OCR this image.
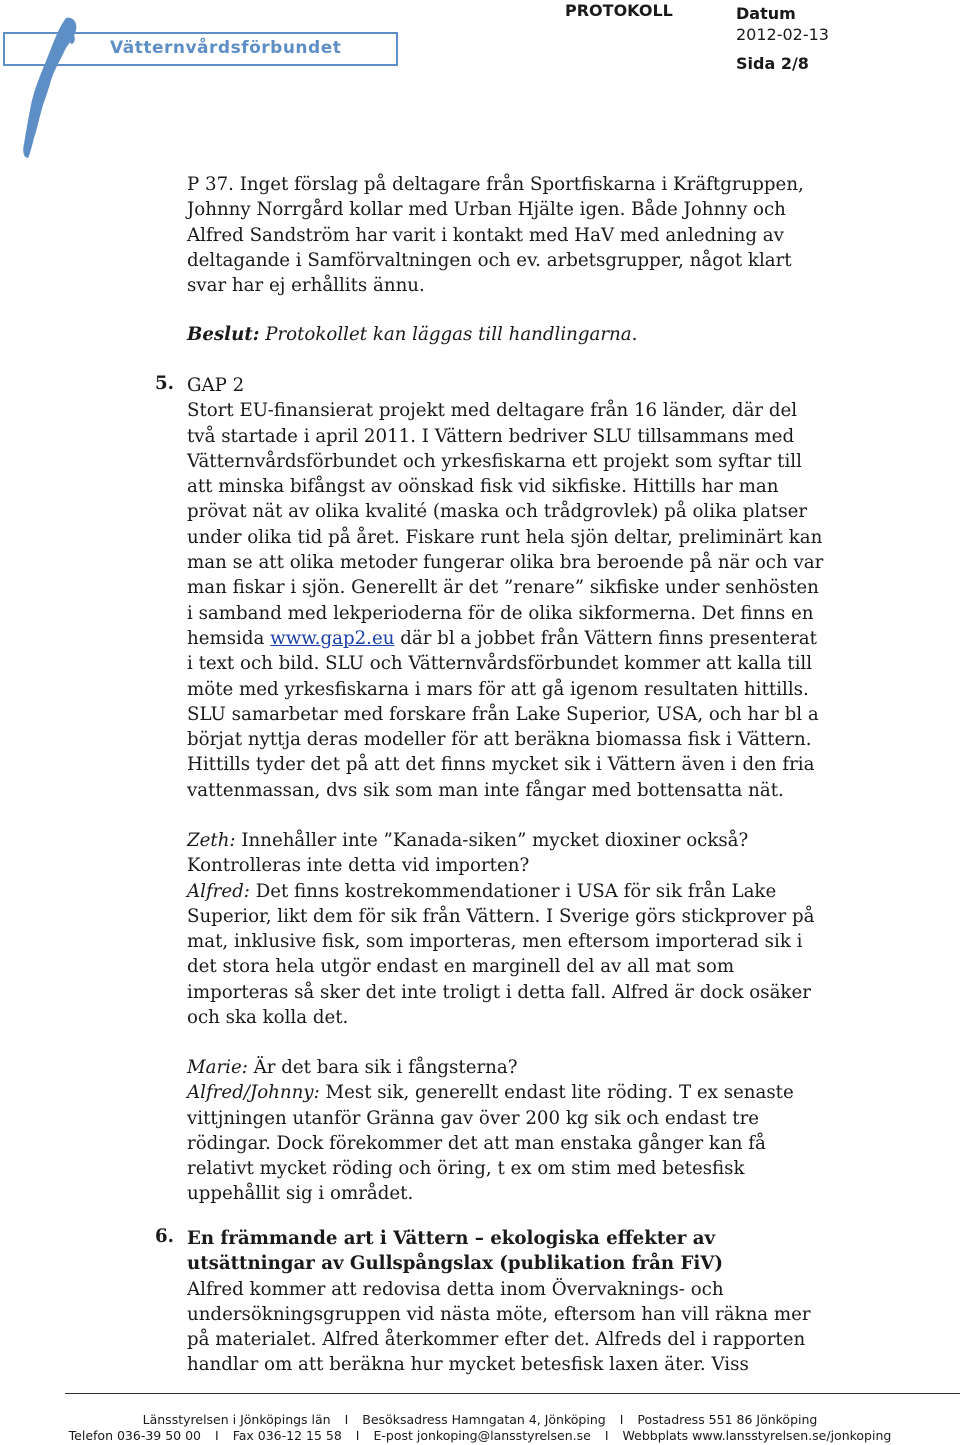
Vätternvårdsförbundet
PROTOKOLL	Datum
2012-02-13
Sida 2/8

P 37. Inget förslag på deltagare från Sportfiskarna i Kräftgruppen,

Johnny Norrgård kollar med Urban Hjälte igen. Både Johnny och

Alfred Sandström har varit i kontakt med HaV med anledning av

deltagande i Samförvaltningen och ev. arbetsgrupper, något klart

svar har ej erhållits ännu.

Beslut: Protokollet kan läggas till handlingarna.

5. GAP 2

Stort EU-finansierat projekt med deltagare från 16 länder, där del

två startade i april 2011. I Vättern bedriver SLU tillsammans med

Vätternvårdsförbundet och yrkesfiskarna ett projekt som syftar till

att minska bifångst av oönskad fisk vid sikfiske. Hittills har man

prövat nät av olika kvalité (maska och trådgrovlek) på olika platser

under olika tid på året. Fiskare runt hela sjön deltar, preliminärt kan

man se att olika metoder fungerar olika bra beroende på när och var

man fiskar i sjön. Generellt är det ”renare” sikfiske under senhösten

i samband med lekperioderna för de olika sikformerna. Det finns en

hemsida www.gap2.eu där bl a jobbet från Vättern finns presenterat

i text och bild. SLU och Vätternvårdsförbundet kommer att kalla till

möte med yrkesfiskarna i mars för att gå igenom resultaten hittills.

SLU samarbetar med forskare från Lake Superior, USA, och har bl a

börjat nyttja deras modeller för att beräkna biomassa fisk i Vättern.

Hittills tyder det på att det finns mycket sik i Vättern även i den fria

vattenmassan, dvs sik som man inte fångar med bottensatta nät.

Zeth: Innehåller inte ”Kanada-siken” mycket dioxiner också?

Kontrolleras inte detta vid importen?

Alfred: Det finns kostrekommendationer i USA för sik från Lake

Superior, likt dem för sik från Vättern. I Sverige görs stickprover på

mat, inklusive fisk, som importeras, men eftersom importerad sik i

det stora hela utgör endast en marginell del av all mat som

importeras så sker det inte troligt i detta fall. Alfred är dock osäker

och ska kolla det.

Marie: Är det bara sik i fångsterna?

Alfred/Johnny: Mest sik, generellt endast lite röding. T ex senaste

vittjningen utanför Gränna gav över 200 kg sik och endast tre

rödingar. Dock förekommer det att man enstaka gånger kan få

relativt mycket röding och öring, t ex om stim med betesfisk

uppehållit sig i området.

6. En främmande art i Vättern – ekologiska effekter av

utsättningar av Gullspångslax (publikation från FiV)

Alfred kommer att redovisa detta inom Övervaknings- och

undersökningsgruppen vid nästa möte, eftersom han vill räkna mer

på materialet. Alfred återkommer efter det. Alfreds del i rapporten

handlar om att beräkna hur mycket betesfisk laxen äter. Viss

Länsstyrelsen i Jönköpings län I Besöksadress Hamngatan 4, Jönköping I Postadress 551 86 Jönköping
Telefon 036-39 50 00 I Fax 036-12 15 58 I E-post jonkoping@lansstyrelsen.se I Webbplats www.lansstyrelsen.se/jonkoping
